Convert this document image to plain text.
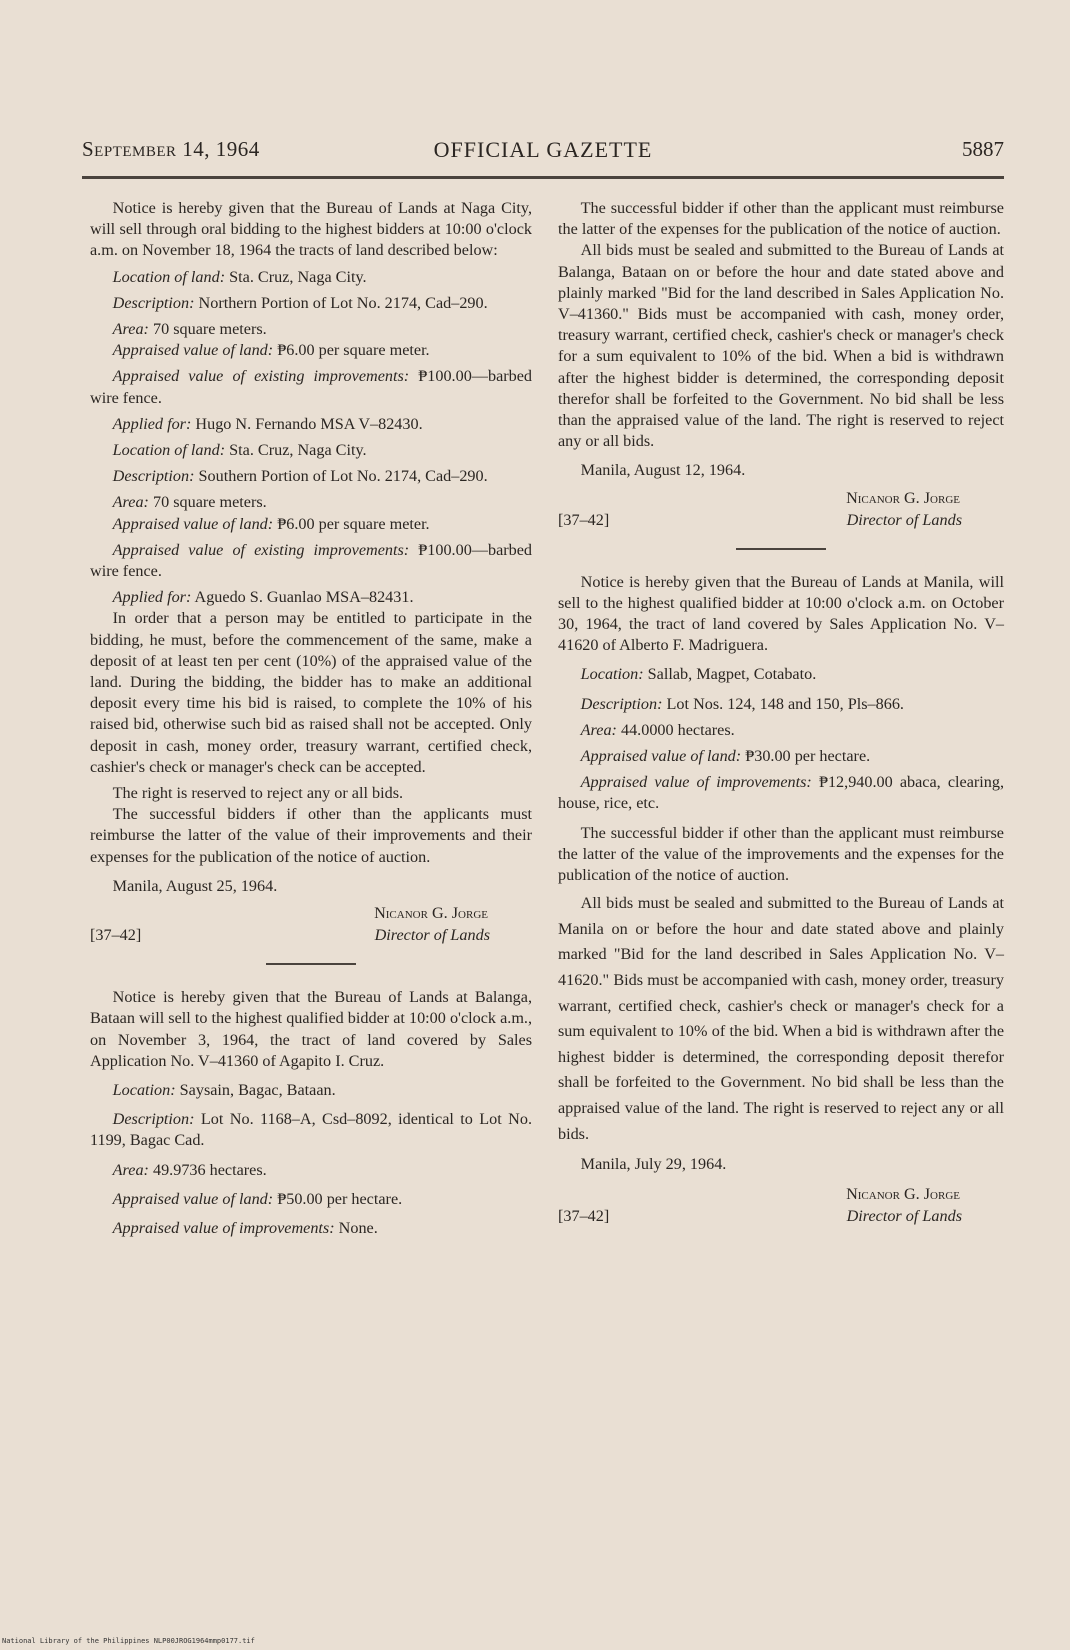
September 14, 1964	OFFICIAL GAZETTE	5887

Notice is hereby given that the Bureau of Lands at Naga City, will sell through oral bidding to the highest bidders at 10:00 o'clock a.m. on November 18, 1964 the tracts of land described below:

Location of land: Sta. Cruz, Naga City.

Description: Northern Portion of Lot No. 2174, Cad–290.

Area: 70 square meters.

Appraised value of land: ₱6.00 per square meter.

Appraised value of existing improvements: ₱100.00—barbed wire fence.

Applied for: Hugo N. Fernando MSA V–82430.

Location of land: Sta. Cruz, Naga City.

Description: Southern Portion of Lot No. 2174, Cad–290.

Area: 70 square meters.

Appraised value of land: ₱6.00 per square meter.

Appraised value of existing improvements: ₱100.00—barbed wire fence.

Applied for: Aguedo S. Guanlao MSA–82431.

In order that a person may be entitled to participate in the bidding, he must, before the commencement of the same, make a deposit of at least ten per cent (10%) of the appraised value of the land. During the bidding, the bidder has to make an additional deposit every time his bid is raised, to complete the 10% of his raised bid, otherwise such bid as raised shall not be accepted. Only deposit in cash, money order, treasury warrant, certified check, cashier's check or manager's check can be accepted.

The right is reserved to reject any or all bids.

The successful bidders if other than the applicants must reimburse the latter of the value of their improvements and their expenses for the publication of the notice of auction.

Manila, August 25, 1964.

Nicanor G. Jorge
[37–42]	Director of Lands

Notice is hereby given that the Bureau of Lands at Balanga, Bataan will sell to the highest qualified bidder at 10:00 o'clock a.m., on November 3, 1964, the tract of land covered by Sales Application No. V–41360 of Agapito I. Cruz.

Location: Saysain, Bagac, Bataan.

Description: Lot No. 1168–A, Csd–8092, identical to Lot No. 1199, Bagac Cad.

Area: 49.9736 hectares.

Appraised value of land: ₱50.00 per hectare.

Appraised value of improvements: None.

The successful bidder if other than the applicant must reimburse the latter of the expenses for the publication of the notice of auction.

All bids must be sealed and submitted to the Bureau of Lands at Balanga, Bataan on or before the hour and date stated above and plainly marked "Bid for the land described in Sales Application No. V–41360." Bids must be accompanied with cash, money order, treasury warrant, certified check, cashier's check or manager's check for a sum equivalent to 10% of the bid. When a bid is withdrawn after the highest bidder is determined, the corresponding deposit therefor shall be forfeited to the Government. No bid shall be less than the appraised value of the land. The right is reserved to reject any or all bids.

Manila, August 12, 1964.

Nicanor G. Jorge
[37–42]	Director of Lands

Notice is hereby given that the Bureau of Lands at Manila, will sell to the highest qualified bidder at 10:00 o'clock a.m. on October 30, 1964, the tract of land covered by Sales Application No. V–41620 of Alberto F. Madriguera.

Location: Sallab, Magpet, Cotabato.

Description: Lot Nos. 124, 148 and 150, Pls–866.

Area: 44.0000 hectares.

Appraised value of land: ₱30.00 per hectare.

Appraised value of improvements: ₱12,940.00 abaca, clearing, house, rice, etc.

The successful bidder if other than the applicant must reimburse the latter of the value of the improvements and the expenses for the publication of the notice of auction.

All bids must be sealed and submitted to the Bureau of Lands at Manila on or before the hour and date stated above and plainly marked "Bid for the land described in Sales Application No. V–41620." Bids must be accompanied with cash, money order, treasury warrant, certified check, cashier's check or manager's check for a sum equivalent to 10% of the bid. When a bid is withdrawn after the highest bidder is determined, the corresponding deposit therefor shall be forfeited to the Government. No bid shall be less than the appraised value of the land. The right is reserved to reject any or all bids.

Manila, July 29, 1964.

Nicanor G. Jorge
[37–42]	Director of Lands
National Library of the Philippines NLP00JROG1964mmp0177.tif
